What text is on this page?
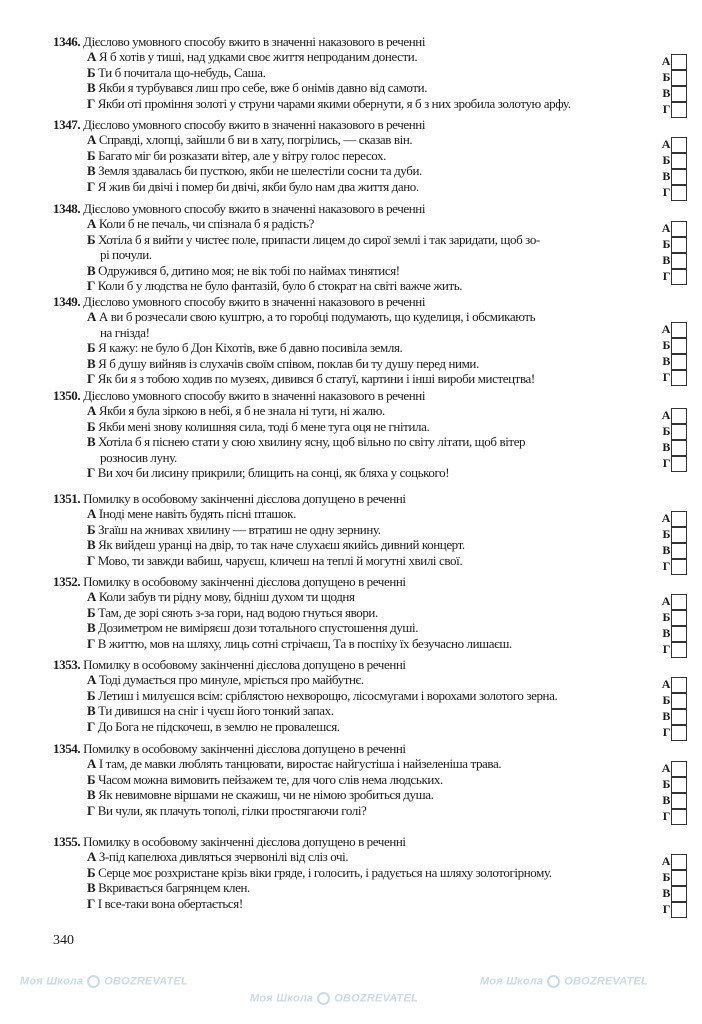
Моя Школа OBOZREVATEL
Моя Школа OBOZREVATEL
Моя Школа OBOZREVATEL
1346. Дієслово умовного способу вжито в значенні наказового в реченні
А Я б хотів у тиші, над удками своє життя непроданим донести.
Б Ти б почитала що-небудь, Саша.
В Якби я турбувався лиш про себе, вже б онімів давно від самоти.
Г Якби оті проміння золоті у струни чарами якими обернути, я б з них зробила золотую арфу.
А
Б
В
Г
1347. Дієслово умовного способу вжито в значенні наказового в реченні
А Справді, хлопці, зайшли б ви в хату, погрілись, — сказав він.
Б Багато міг би розказати вітер, але у вітру голос пересох.
В Земля здавалась би пусткою, якби не шелестіли сосни та дуби.
Г Я жив би двічі і помер би двічі, якби було нам два життя дано.
А
Б
В
Г
1348. Дієслово умовного способу вжито в значенні наказового в реченні
А Коли б не печаль, чи спізнала б я радість?
Б Хотіла б я вийти у чистеє поле, припасти лицем до сирої землі і так заридати, щоб зо-
рі почули.
В Одружився б, дитино моя; не вік тобі по наймах тинятися!
Г Коли б у людства не було фантазій, було б стократ на світі важче жить.
А
Б
В
Г
1349. Дієслово умовного способу вжито в значенні наказового в реченні
А А ви б розчесали свою куштрю, а то горобці подумають, що куделиця, і обсмикають
на гнізда!
Б Я кажу: не було б Дон Кіхотів, вже б давно посивіла земля.
В Я б душу вийняв із слухачів своїм співом, поклав би ту душу перед ними.
Г Як би я з тобою ходив по музеях, дивився б статуї, картини і інші вироби мистецтва!
А
Б
В
Г
1350. Дієслово умовного способу вжито в значенні наказового в реченні
А Якби я була зіркою в небі, я б не знала ні туги, ні жалю.
Б Якби мені знову колишняя сила, тоді б мене туга оця не гнітила.
В Хотіла б я піснею стати у сюю хвилину ясну, щоб вільно по світу літати, щоб вітер
розносив луну.
Г Ви хоч би лисину прикрили; блищить на сонці, як бляха у соцького!
А
Б
В
Г
1351. Помилку в особовому закінченні дієслова допущено в реченні
А Іноді мене навіть будять пісні пташок.
Б Згаїш на жнивах хвилину — втратиш не одну зернину.
В Як вийдеш уранці на двір, то так наче слухаєш якийсь дивний концерт.
Г Мово, ти завжди вабиш, чаруєш, кличеш на теплі й могутні хвилі свої.
А
Б
В
Г
1352. Помилку в особовому закінченні дієслова допущено в реченні
А Коли забув ти рідну мову, бідніш духом ти щодня
Б Там, де зорі сяють з-за гори, над водою гнуться явори.
В Дозиметром не виміряєш дози тотального спустошення душі.
Г В життю, мов на шляху, лиць сотні стрічаєш, Та в поспіху їх безучасно лишаєш.
А
Б
В
Г
1353. Помилку в особовому закінченні дієслова допущено в реченні
А Тоді думається про минуле, мріється про майбутнє.
Б Летиш і милуєшся всім: сріблястою нехворощю, лісосмугами і ворохами золотого зерна.
В Ти дивишся на сніг і чуєш його тонкий запах.
Г До Бога не підскочеш, в землю не провалешся.
А
Б
В
Г
1354. Помилку в особовому закінченні дієслова допущено в реченні
А І там, де мавки люблять танцювати, виростає найгустіша і найзеленіша трава.
Б Часом можна вимовить пейзажем те, для чого слів нема людських.
В Як невимовне віршами не скажиш, чи не німою зробиться душа.
Г Ви чули, як плачуть тополі, гілки простягаючи голі?
А
Б
В
Г
1355. Помилку в особовому закінченні дієслова допущено в реченні
А З-під капелюха дивляться зчервонілі від сліз очі.
Б Серце моє розхристане крізь віки гряде, і голосить, і радується на шляху золотогірному.
В Вкривається багрянцем клен.
Г І все-таки вона обертається!
А
Б
В
Г
340
